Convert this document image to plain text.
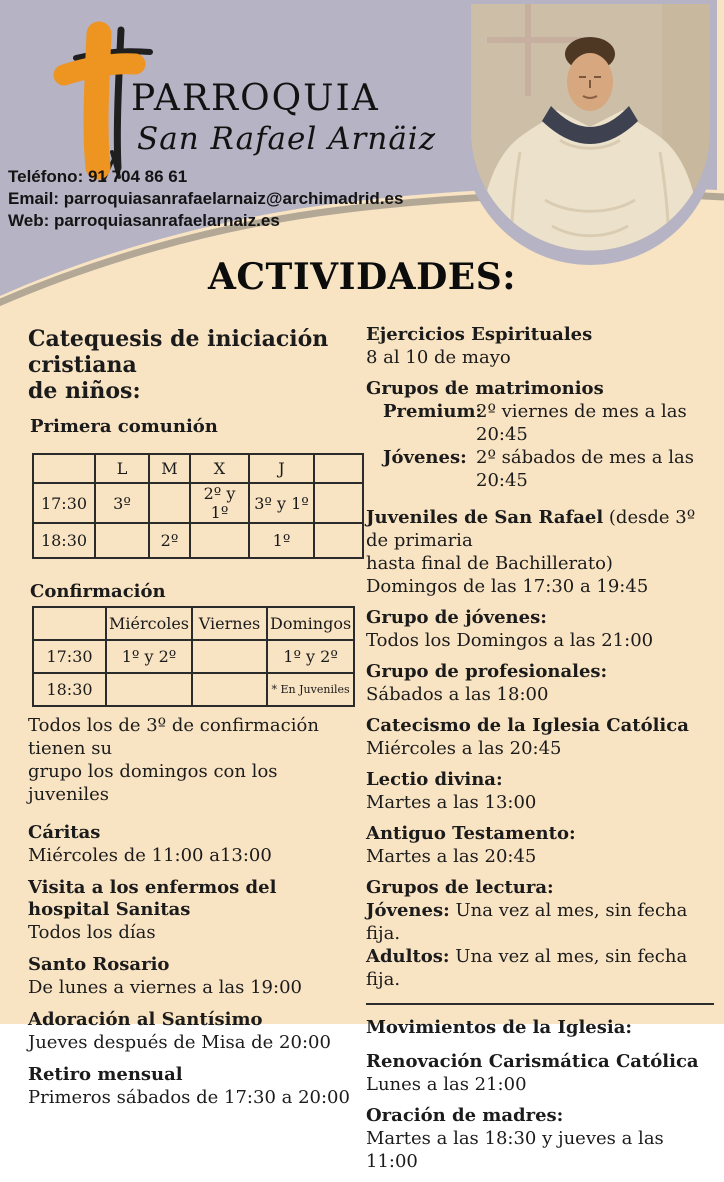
PARROQUIA
San Rafael Arnäiz
Teléfono: 91 704 86 61
Email: parroquiasanrafaelarnaiz@archimadrid.es
Web: parroquiasanrafaelarnaiz.es
ACTIVIDADES:
Catequesis de iniciación cristiana
de niños:
Primera comunión
	L	M	X	J	
17:30	3º		2º y 1º	3º y 1º	
18:30		2º		1º	
Confirmación
	Miércoles	Viernes	Domingos
17:30	1º y 2º		1º y 2º
18:30			* En Juveniles

Todos los de 3º de confirmación tienen su
grupo los domingos con los juveniles

Cáritas
Miércoles de 11:00 a13:00
Visita a los enfermos del hospital Sanitas
Todos los días
Santo Rosario
De lunes a viernes a las 19:00
Adoración al Santísimo
Jueves después de Misa de 20:00
Retiro mensual
Primeros sábados de 17:30 a 20:00
Ejercicios Espirituales
8 al 10 de mayo
Grupos de matrimonios
Premium:
2º viernes de mes a las 20:45
Jóvenes: 2º sábados de mes a las 20:45
Juveniles de San Rafael (desde 3º de primaria
hasta final de Bachillerato)
Domingos de las 17:30 a 19:45
Grupo de jóvenes:
Todos los Domingos a las 21:00
Grupo de profesionales:
Sábados a las 18:00
Catecismo de la Iglesia Católica
Miércoles a las 20:45
Lectio divina:
Martes a las 13:00
Antiguo Testamento:
Martes a las 20:45
Grupos de lectura:
Jóvenes: Una vez al mes, sin fecha fija.
Adultos: Una vez al mes, sin fecha fija.
Movimientos de la Iglesia:
Renovación Carismática Católica
Lunes a las 21:00
Oración de madres:
Martes a las 18:30 y jueves a las 11:00
